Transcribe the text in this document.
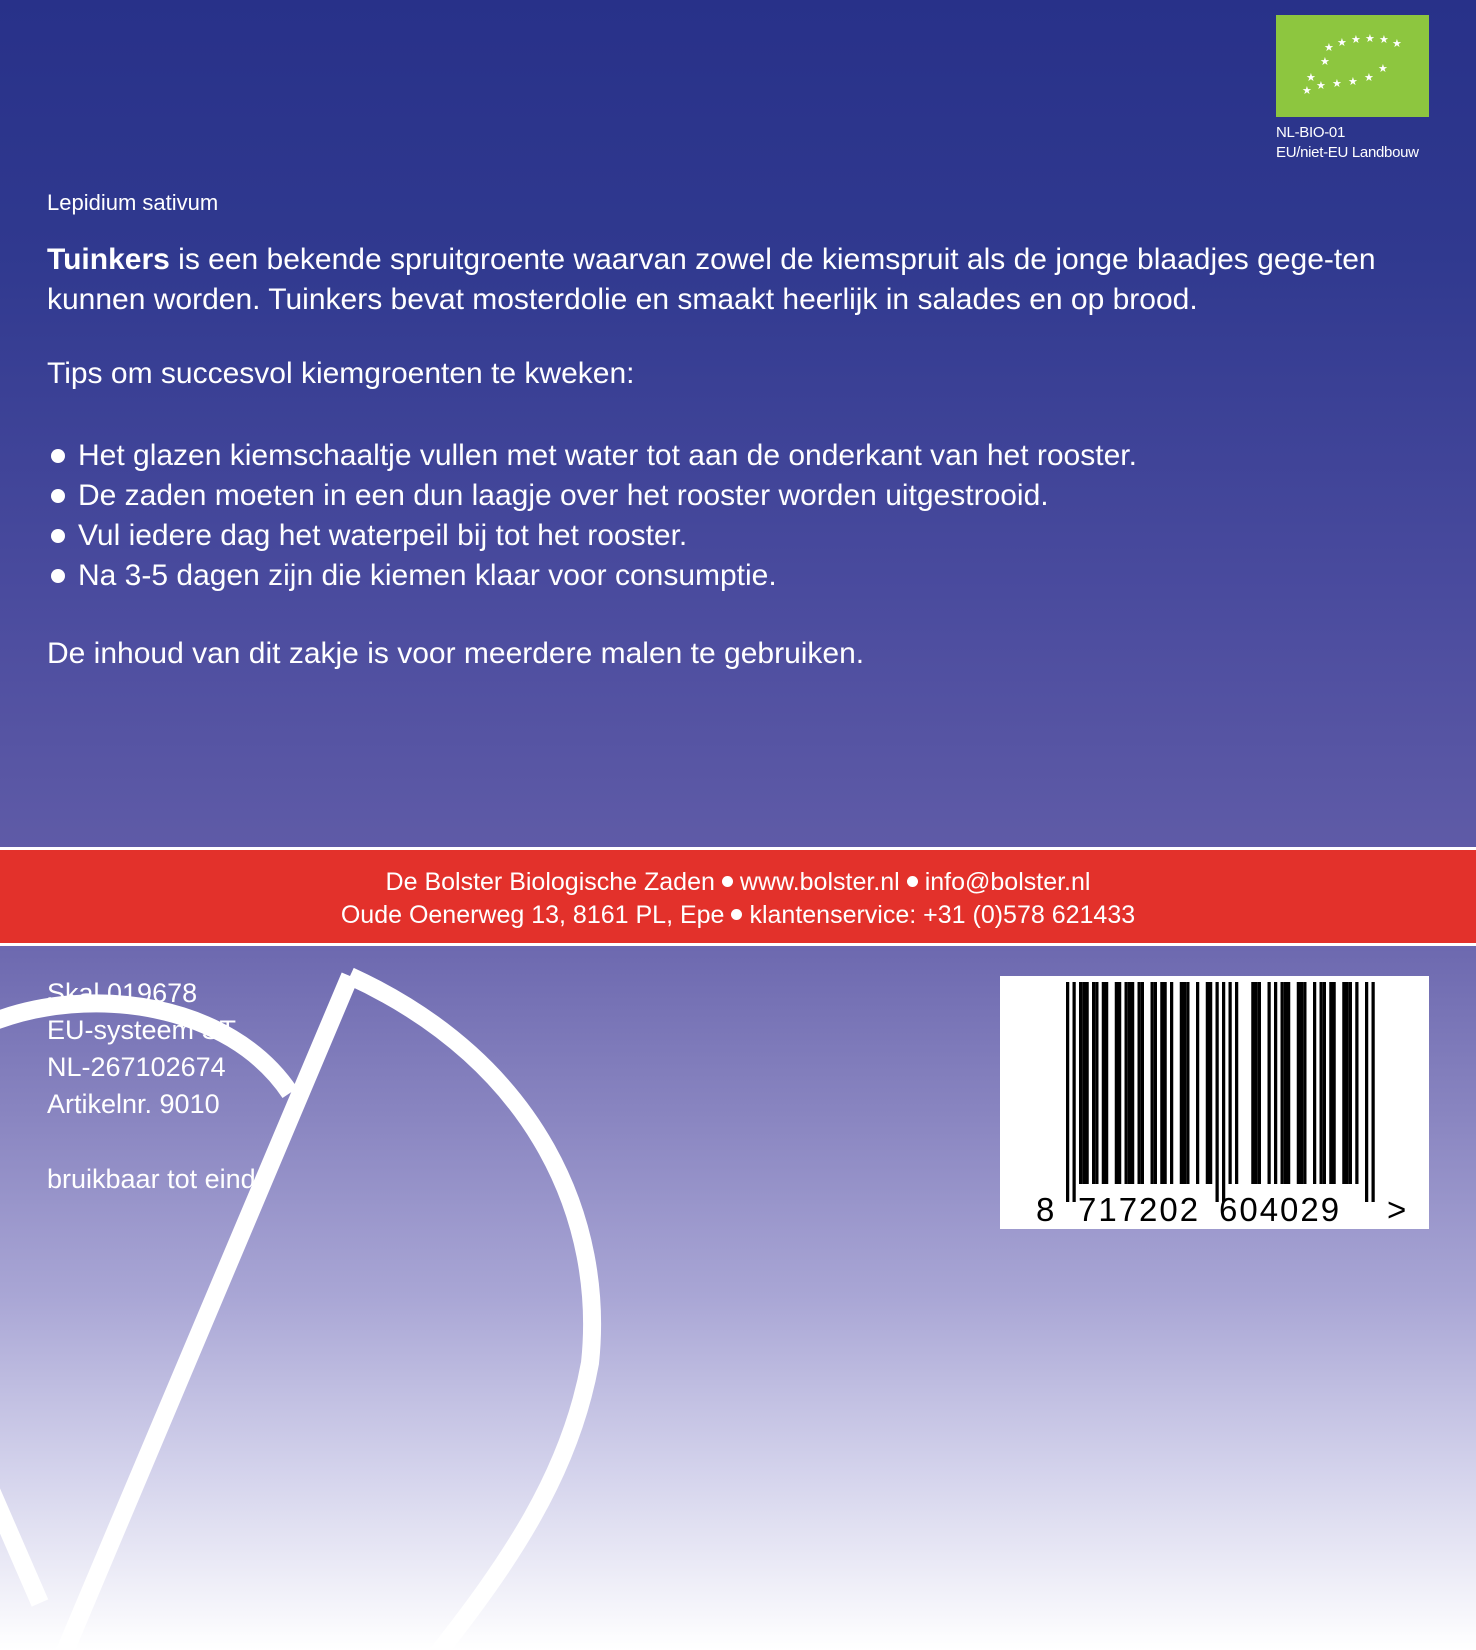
★ ★ ★ ★ ★ ★
★
★
★ ★ ★ ★ ★
★
NL-BIO-01
EU/niet-EU Landbouw
Lepidium sativum

Tuinkers is een bekende spruitgroente waarvan zowel de kiemspruit als de jonge blaadjes gege-ten kunnen worden. Tuinkers bevat mosterdolie en smaakt heerlijk in salades en op brood.

Tips om succesvol kiemgroenten te kweken:
Het glazen kiemschaaltje vullen met water tot aan de onderkant van het rooster.
De zaden moeten in een dun laagje over het rooster worden uitgestrooid.
Vul iedere dag het waterpeil bij tot het rooster.
Na 3-5 dagen zijn die kiemen klaar voor consumptie.
De inhoud van dit zakje is voor meerdere malen te gebruiken.
De Bolster Biologische Zaden www.bolster.nl info@bolster.nl
Oude Oenerweg 13, 8161 PL, Epe klantenservice: +31 (0)578 621433
Skal 019678
EU-systeem ST
NL-267102674
Artikelnr. 9010
bruikbaar tot eind:
8 717202 604029 >
